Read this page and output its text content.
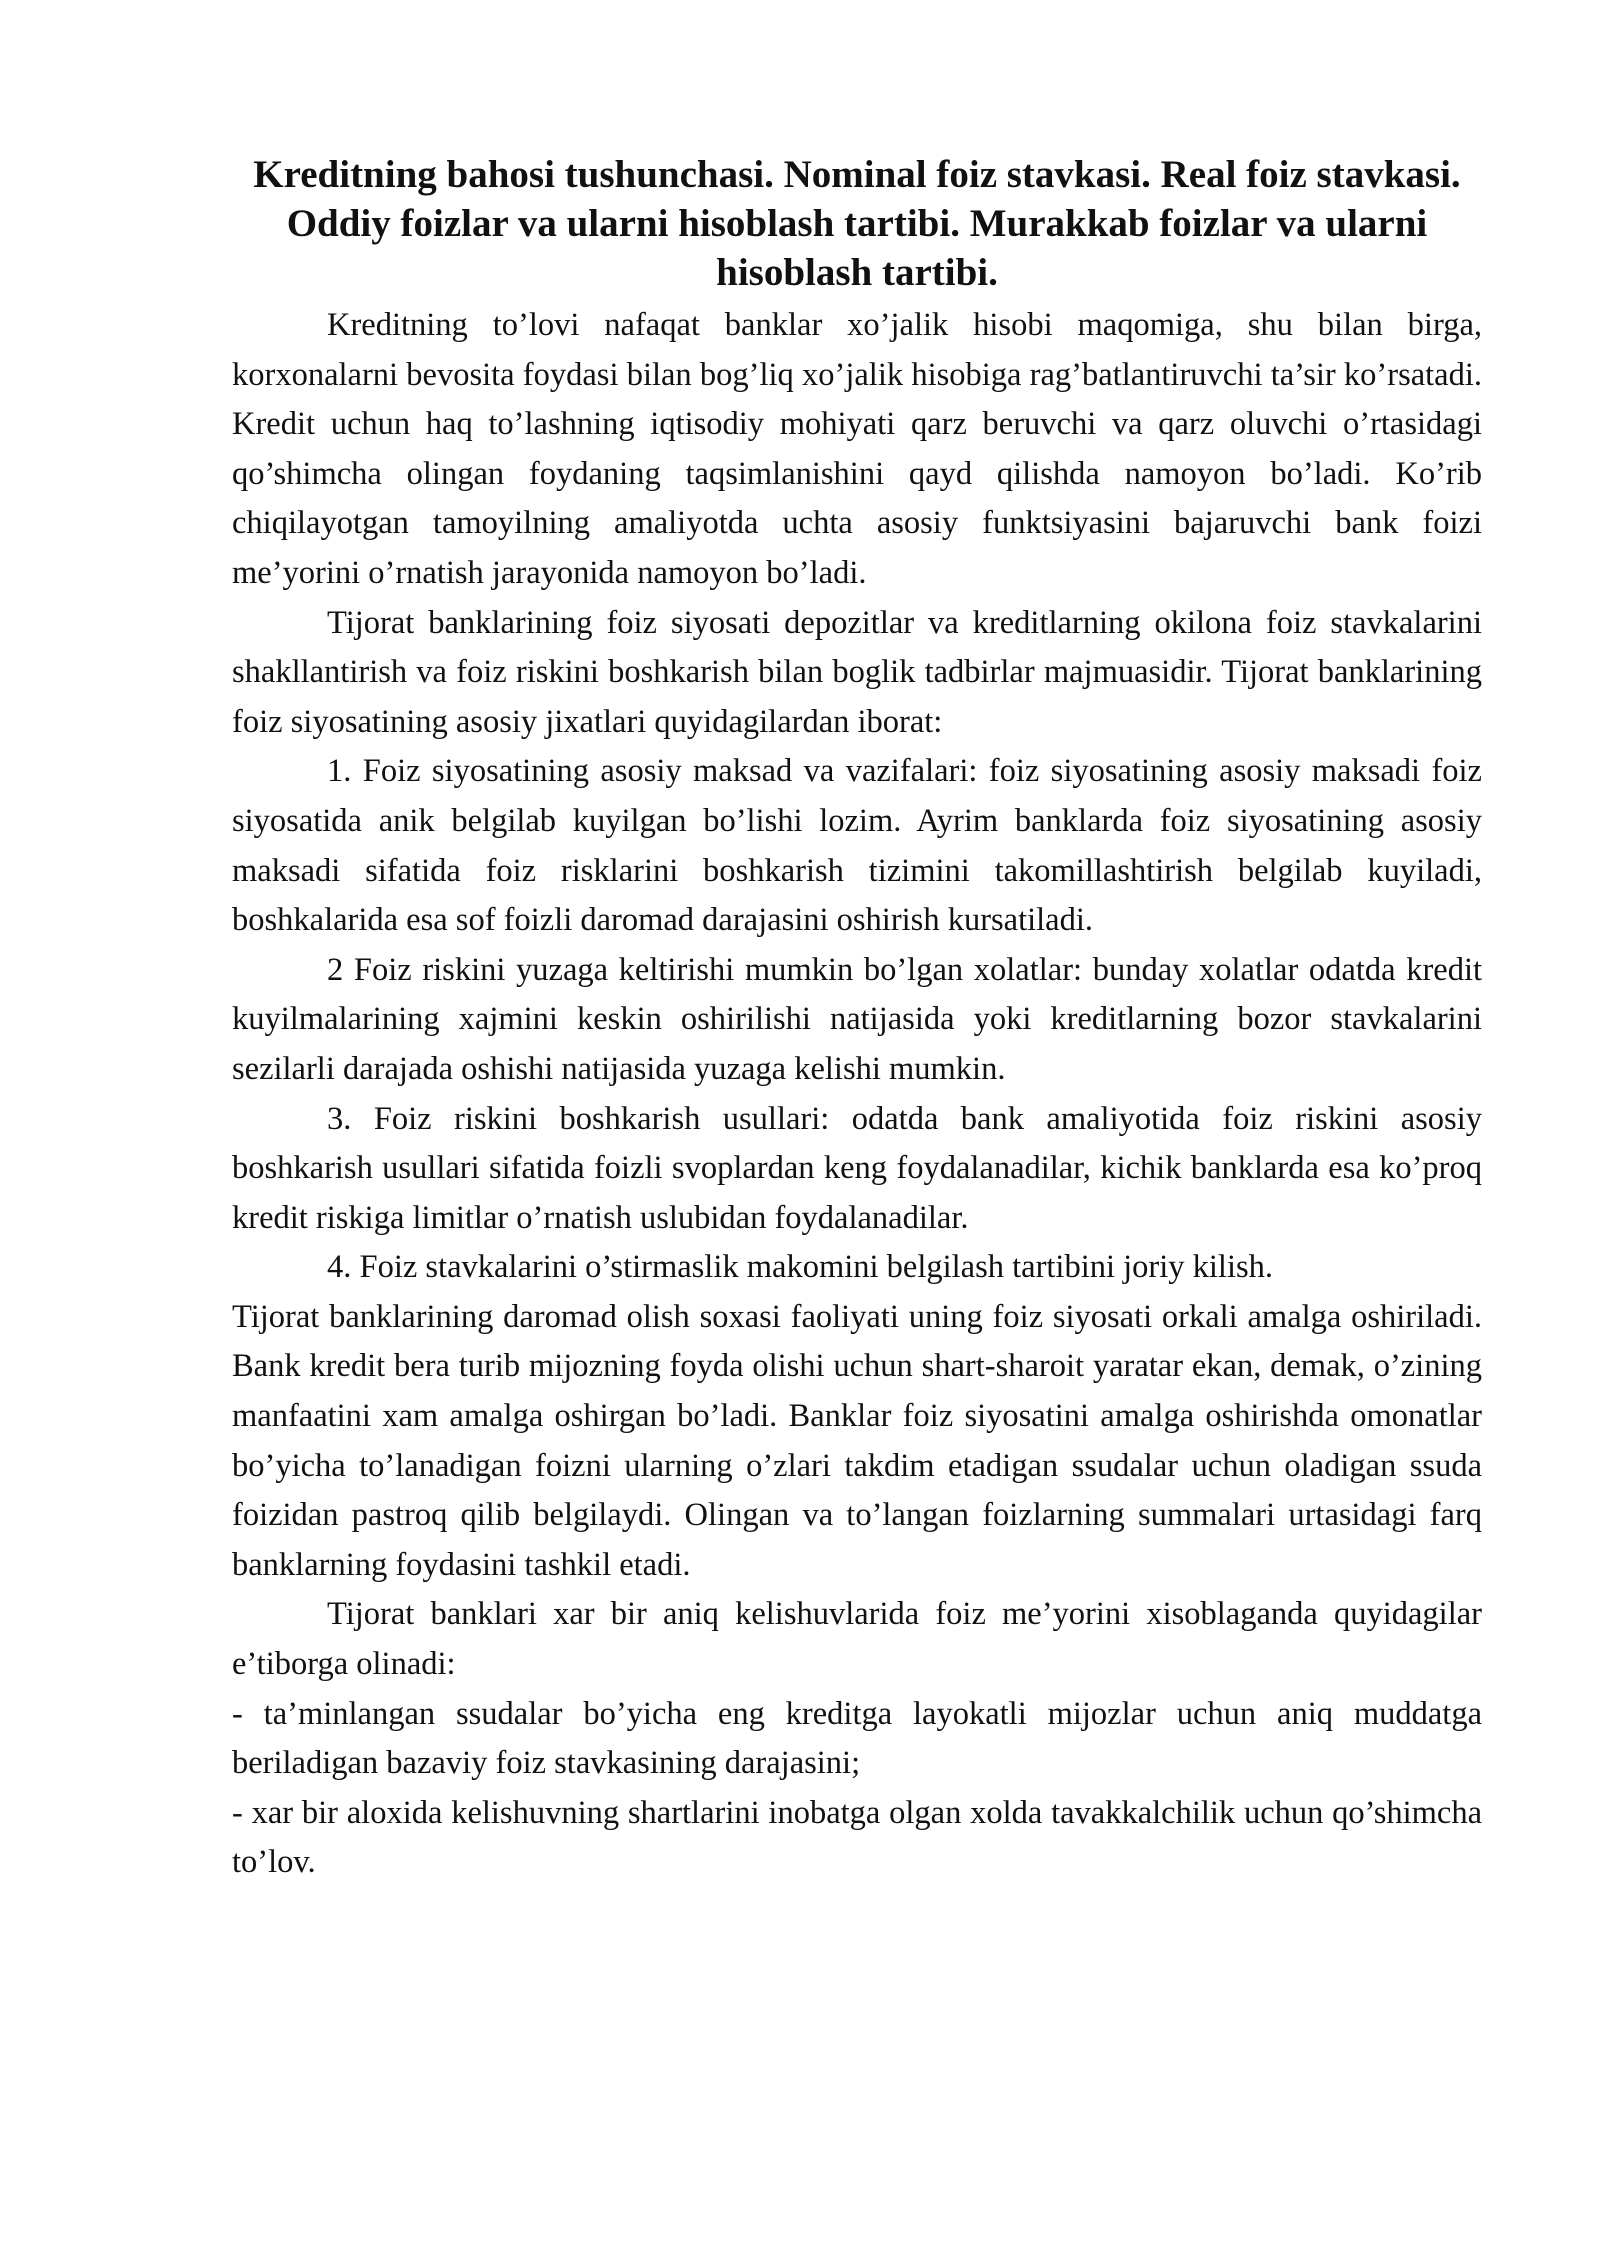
Kreditning bahosi tushunchasi. Nominal foiz stavkasi. Real foiz stavkasi. Oddiy foizlar va ularni hisoblash tartibi. Murakkab foizlar va ularni hisoblash tartibi.

Kreditning to’lovi nafaqat banklar xo’jalik hisobi maqomiga, shu bilan birga, korxonalarni bevosita foydasi bilan bog’liq xo’jalik hisobiga rag’batlantiruvchi ta’sir ko’rsatadi. Kredit uchun haq to’lashning iqtisodiy mohiyati qarz beruvchi va qarz oluvchi o’rtasidagi qo’shimcha olingan foydaning taqsimlanishini qayd qilishda namoyon bo’ladi. Ko’rib chiqilayotgan tamoyilning amaliyotda uchta asosiy funktsiyasini bajaruvchi bank foizi me’yorini o’rnatish jarayonida namoyon bo’ladi.

Tijorat banklarining foiz siyosati depozitlar va kreditlarning okilona foiz stavkalarini shakllantirish va foiz riskini boshkarish bilan boglik tadbirlar majmuasidir. Tijorat banklarining foiz siyosatining asosiy jixatlari quyidagilardan iborat:

1. Foiz siyosatining asosiy maksad va vazifalari: foiz siyosatining asosiy maksadi foiz siyosatida anik belgilab kuyilgan bo’lishi lozim. Ayrim banklarda foiz siyosatining asosiy maksadi sifatida foiz risklarini boshkarish tizimini takomillashtirish belgilab kuyiladi, boshkalarida esa sof foizli daromad darajasini oshirish kursatiladi.

2 Foiz riskini yuzaga keltirishi mumkin bo’lgan xolatlar: bunday xolatlar odatda kredit kuyilmalarining xajmini keskin oshirilishi natijasida yoki kreditlarning bozor stavkalarini sezilarli darajada oshishi natijasida yuzaga kelishi mumkin.

3. Foiz riskini boshkarish usullari: odatda bank amaliyotida foiz riskini asosiy boshkarish usullari sifatida foizli svoplardan keng foydalanadilar, kichik banklarda esa ko’proq kredit riskiga limitlar o’rnatish uslubidan foydalanadilar.

4. Foiz stavkalarini o’stirmaslik makomini belgilash tartibini joriy kilish.

Tijorat banklarining daromad olish soxasi faoliyati uning foiz siyosati orkali amalga oshiriladi. Bank kredit bera turib mijozning foyda olishi uchun shart-sharoit yaratar ekan, demak, o’zining manfaatini xam amalga oshirgan bo’ladi. Banklar foiz siyosatini amalga oshirishda omonatlar bo’yicha to’lanadigan foizni ularning o’zlari takdim etadigan ssudalar uchun oladigan ssuda foizidan pastroq qilib belgilaydi. Olingan va to’langan foizlarning summalari urtasidagi farq banklarning foydasini tashkil etadi.

Tijorat banklari xar bir aniq kelishuvlarida foiz me’yorini xisoblaganda quyidagilar e’tiborga olinadi:

- ta’minlangan ssudalar bo’yicha eng kreditga layokatli mijozlar uchun aniq muddatga beriladigan bazaviy foiz stavkasining darajasini;

- xar bir aloxida kelishuvning shartlarini inobatga olgan xolda tavakkalchilik uchun qo’shimcha to’lov.
